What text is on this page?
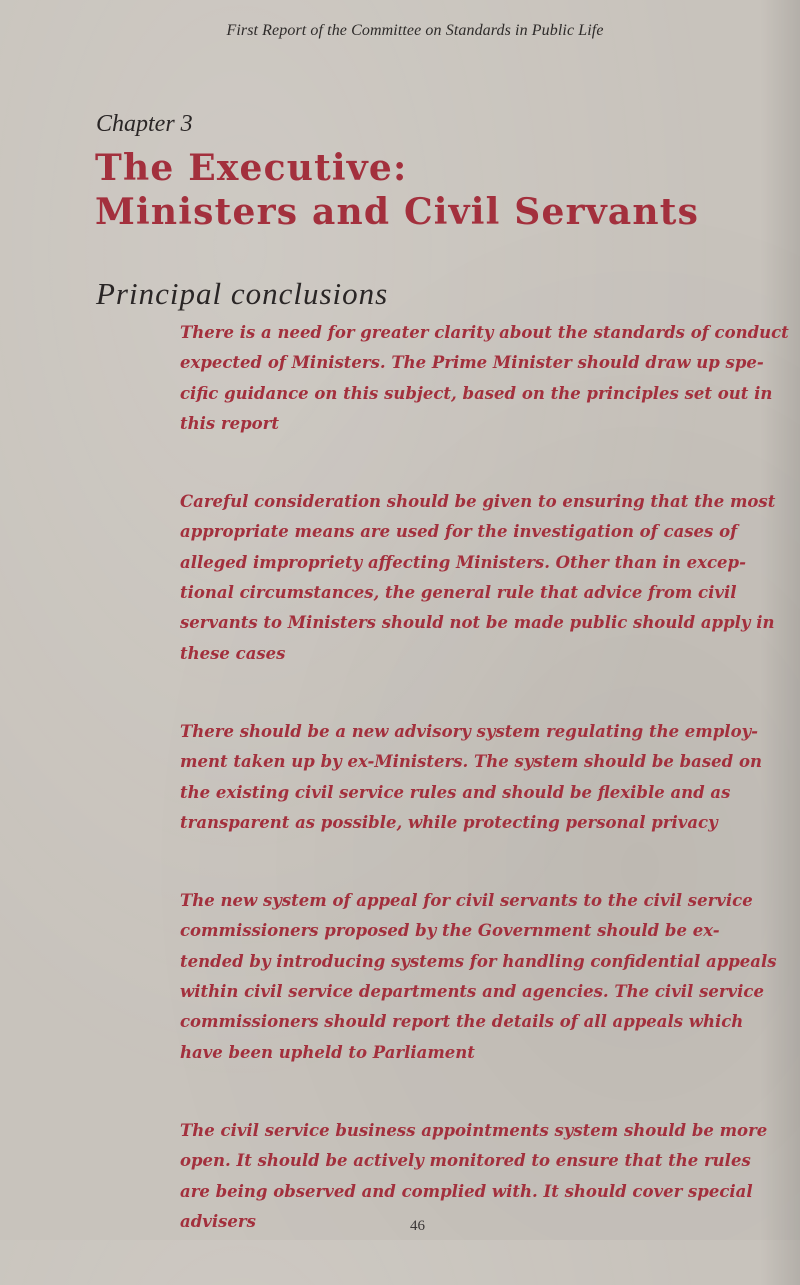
First Report of the Committee on Standards in Public Life
Chapter 3
The Executive:
Ministers and Civil Servants
Principal conclusions

There is a need for greater clarity about the standards of conduct
expected of Ministers. The Prime Minister should draw up spe-
cific guidance on this subject, based on the principles set out in
this report

Careful consideration should be given to ensuring that the most
appropriate means are used for the investigation of cases of
alleged impropriety affecting Ministers. Other than in excep-
tional circumstances, the general rule that advice from civil
servants to Ministers should not be made public should apply in
these cases

There should be a new advisory system regulating the employ-
ment taken up by ex-Ministers. The system should be based on
the existing civil service rules and should be flexible and as
transparent as possible, while protecting personal privacy

The new system of appeal for civil servants to the civil service
commissioners proposed by the Government should be ex-
tended by introducing systems for handling confidential appeals
within civil service departments and agencies. The civil service
commissioners should report the details of all appeals which
have been upheld to Parliament

The civil service business appointments system should be more
open. It should be actively monitored to ensure that the rules
are being observed and complied with. It should cover special
advisers	46
